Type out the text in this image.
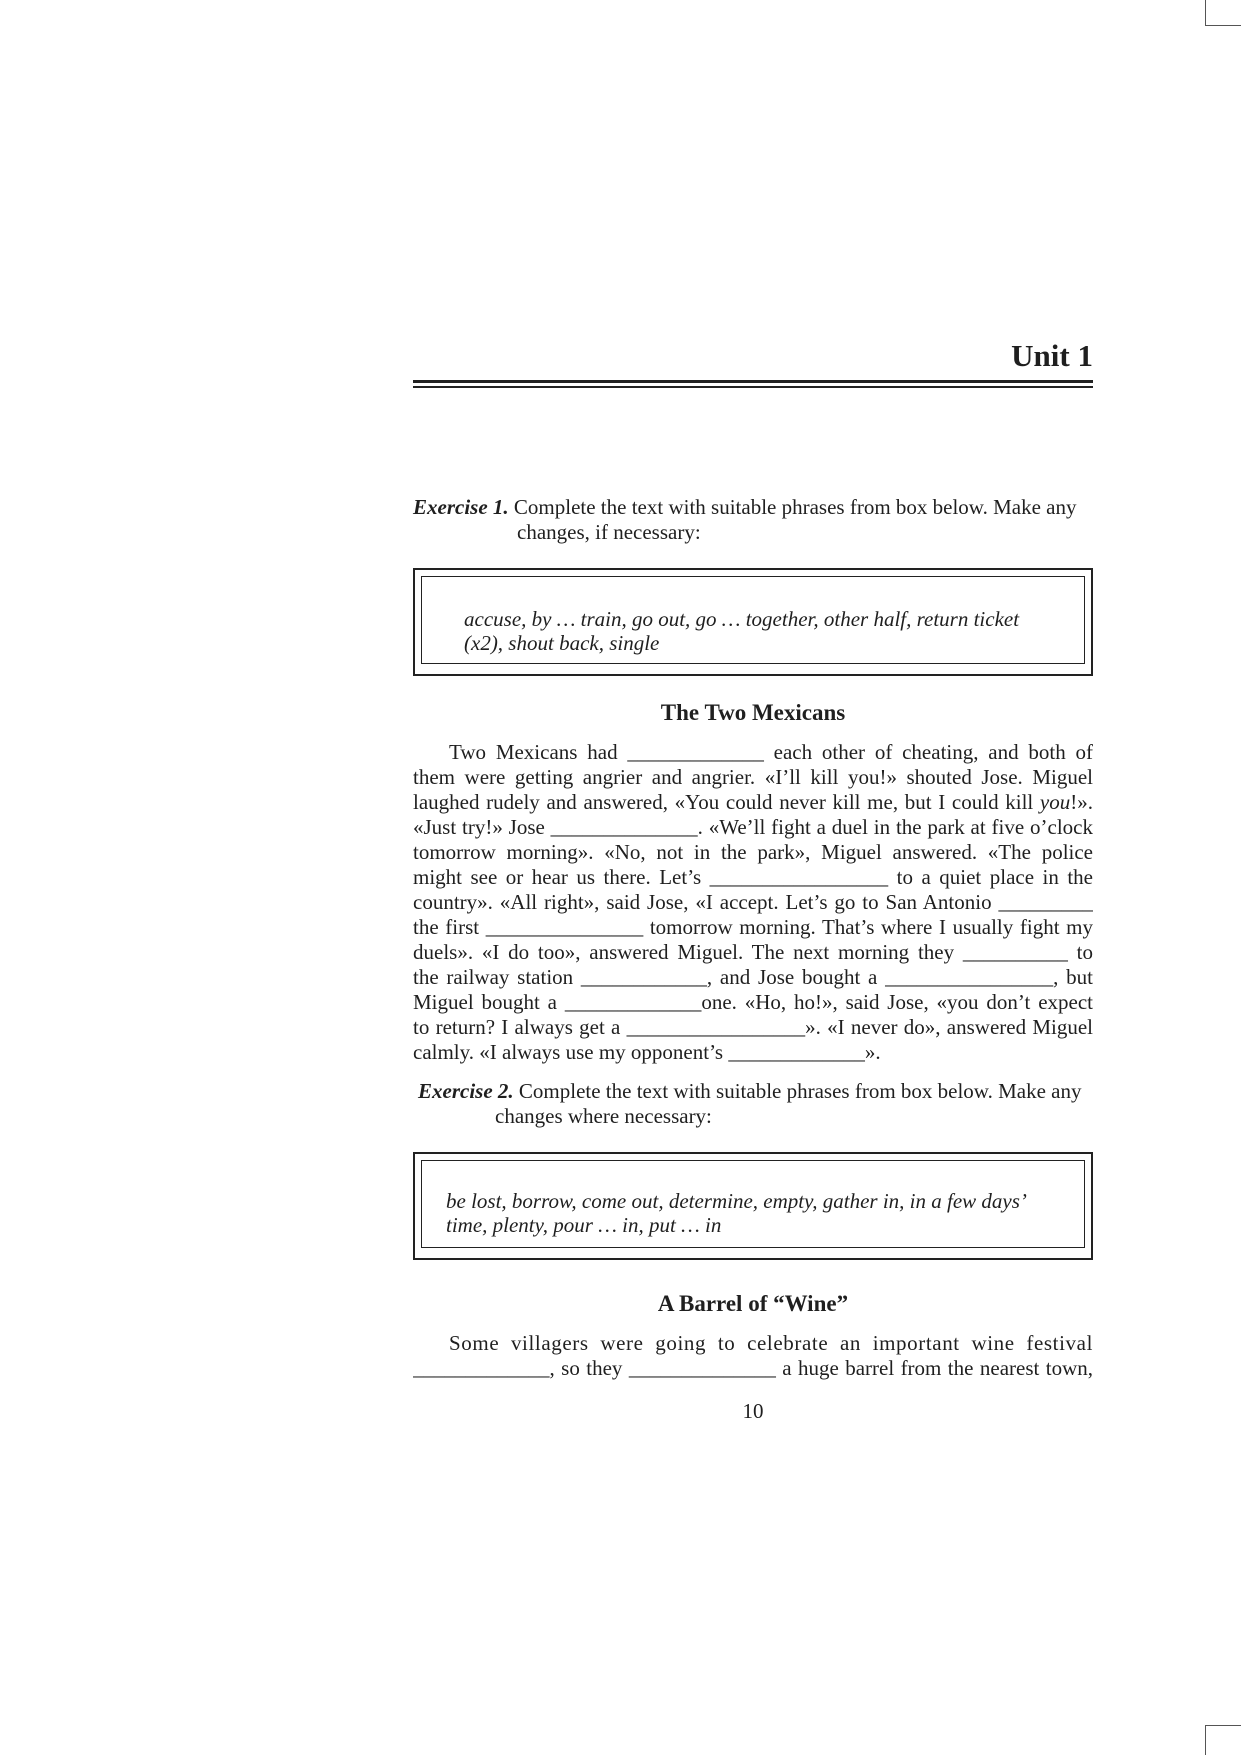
Unit 1
Exercise 1. Complete the text with suitable phrases from box below. Make any
changes, if necessary:
accuse, by … train, go out, go … together, other half, return ticket
(x2), shout back, single
The Two Mexicans
Two Mexicans had _____________ each other of cheating, and both of
them were getting angrier and angrier. «I’ll kill you!» shouted Jose. Miguel
laughed rudely and answered, «You could never kill me, but I could kill you!».
«Just try!» Jose ______________. «We’ll fight a duel in the park at five o’clock
tomorrow morning». «No, not in the park», Miguel answered. «The police
might see or hear us there. Let’s _________________ to a quiet place in the
country». «All right», said Jose, «I accept. Let’s go to San Antonio _________
the first _______________ tomorrow morning. That’s where I usually fight my
duels». «I do too», answered Miguel. The next morning they __________ to
the railway station ____________, and Jose bought a ________________, but
Miguel bought a _____________one. «Ho, ho!», said Jose, «you don’t expect
to return? I always get a _________________». «I never do», answered Miguel
calmly. «I always use my opponent’s _____________».
Exercise 2. Complete the text with suitable phrases from box below. Make any
changes where necessary:
be lost, borrow, come out, determine, empty, gather in, in a few days’
time, plenty, pour … in, put … in
A Barrel of “Wine”
Some villagers were going to celebrate an important wine festival
_____________, so they ______________ a huge barrel from the nearest town,

10
